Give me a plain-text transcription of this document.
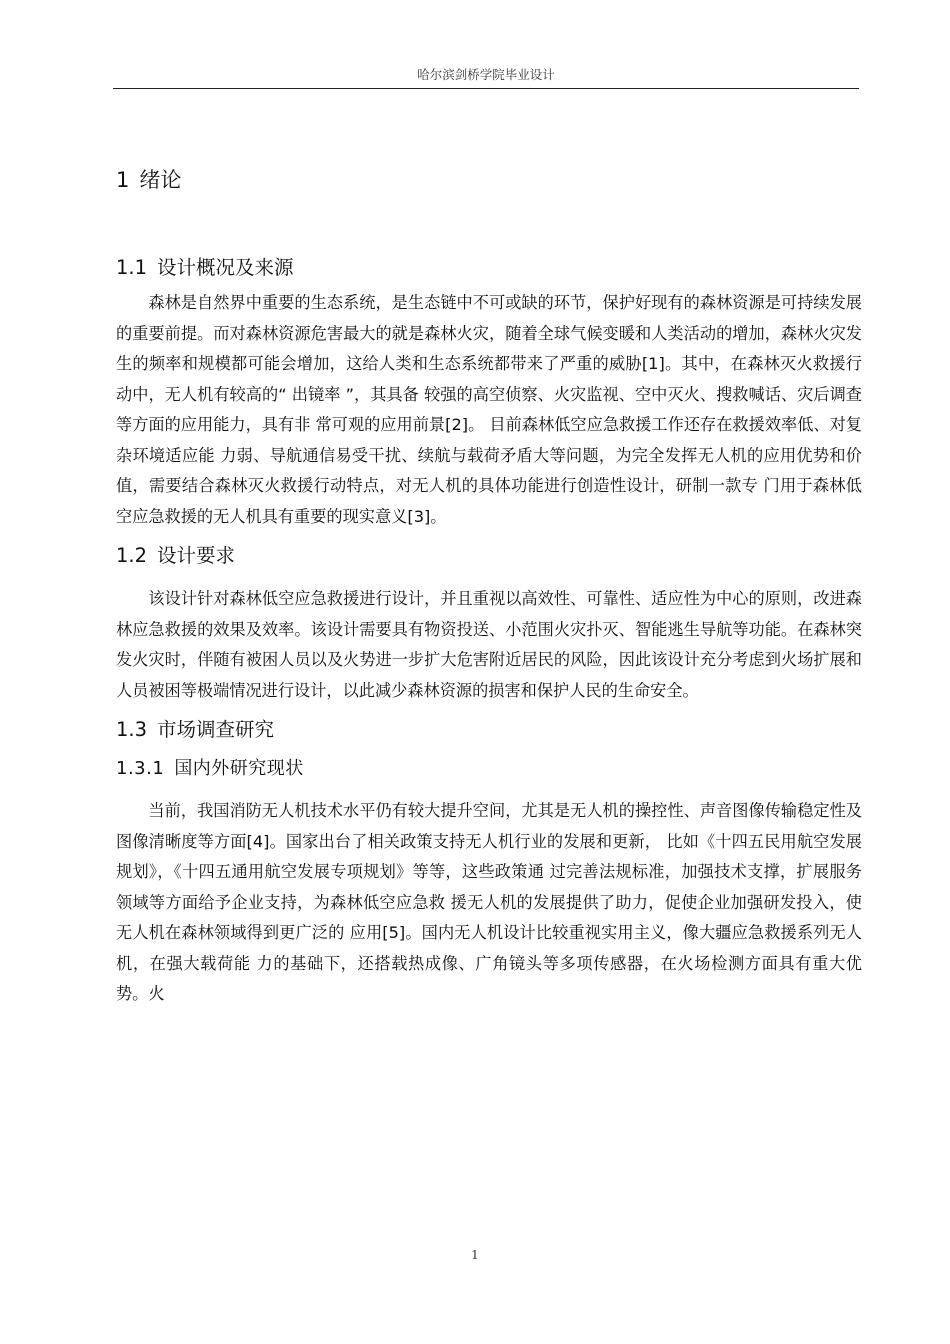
哈尔滨剑桥学院毕业设计
1 绪论
1.1 设计概况及来源

森林是自然界中重要的生态系统，是生态链中不可或缺的环节，保护好现有的森林资源是可持续发展的重要前提。而对森林资源危害最大的就是森林火灾，随着全球气候变暖和人类活动的增加，森林火灾发生的频率和规模都可能会增加，这给人类和生态系统都带来了严重的威胁[1]。其中，在森林灭火救援行动中，无人机有较高的“ 出镜率 ”，其具备 较强的高空侦察、火灾监视、空中灭火、搜救喊话、灾后调查等方面的应用能力，具有非 常可观的应用前景[2]。 目前森林低空应急救援工作还存在救援效率低、对复杂环境适应能 力弱、导航通信易受干扰、续航与载荷矛盾大等问题，为完全发挥无人机的应用优势和价 值，需要结合森林灭火救援行动特点，对无人机的具体功能进行创造性设计，研制一款专 门用于森林低空应急救援的无人机具有重要的现实意义[3]。

1.2 设计要求

该设计针对森林低空应急救援进行设计，并且重视以高效性、可靠性、适应性为中心的原则，改进森林应急救援的效果及效率。该设计需要具有物资投送、小范围火灾扑灭、智能逃生导航等功能。在森林突发火灾时，伴随有被困人员以及火势进一步扩大危害附近居民的风险，因此该设计充分考虑到火场扩展和人员被困等极端情况进行设计，以此减少森林资源的损害和保护人民的生命安全。

1.3 市场调查研究
1.3.1 国内外研究现状

当前，我国消防无人机技术水平仍有较大提升空间，尤其是无人机的操控性、声音图像传输稳定性及图像清晰度等方面[4]。国家出台了相关政策支持无人机行业的发展和更新， 比如《十四五民用航空发展规划》，《十四五通用航空发展专项规划》等等，这些政策通 过完善法规标准，加强技术支撑，扩展服务领域等方面给予企业支持，为森林低空应急救 援无人机的发展提供了助力，促使企业加强研发投入，使无人机在森林领域得到更广泛的 应用[5]。国内无人机设计比较重视实用主义，像大疆应急救援系列无人机，在强大载荷能 力的基础下，还搭载热成像、广角镜头等多项传感器，在火场检测方面具有重大优势。火

1
